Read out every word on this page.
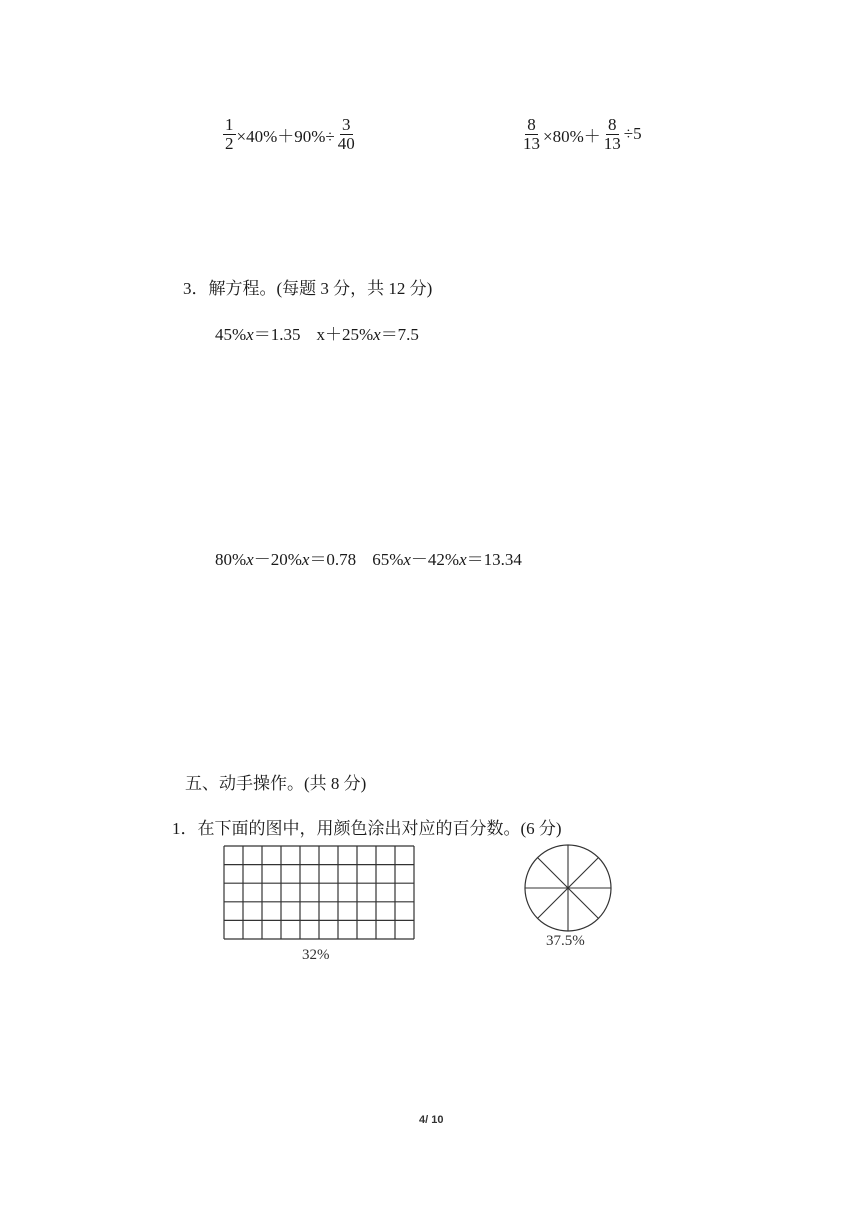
$\frac{1}{2} \times 40\%+90\%\div \frac{3}{40}$	$\frac{8}{13} \times 80\%+ \frac{8}{13} \div 5$
3．解方程。(每题 3 分，共 12 分)
45%x＝1.35 x＋25%x＝7.5
80%x－20%x＝0.78 65%x－42%x＝13.34
五、动手操作。(共 8 分)
1．在下面的图中，用颜色涂出对应的百分数。(6 分)
32%
37.5%
4/ 10
